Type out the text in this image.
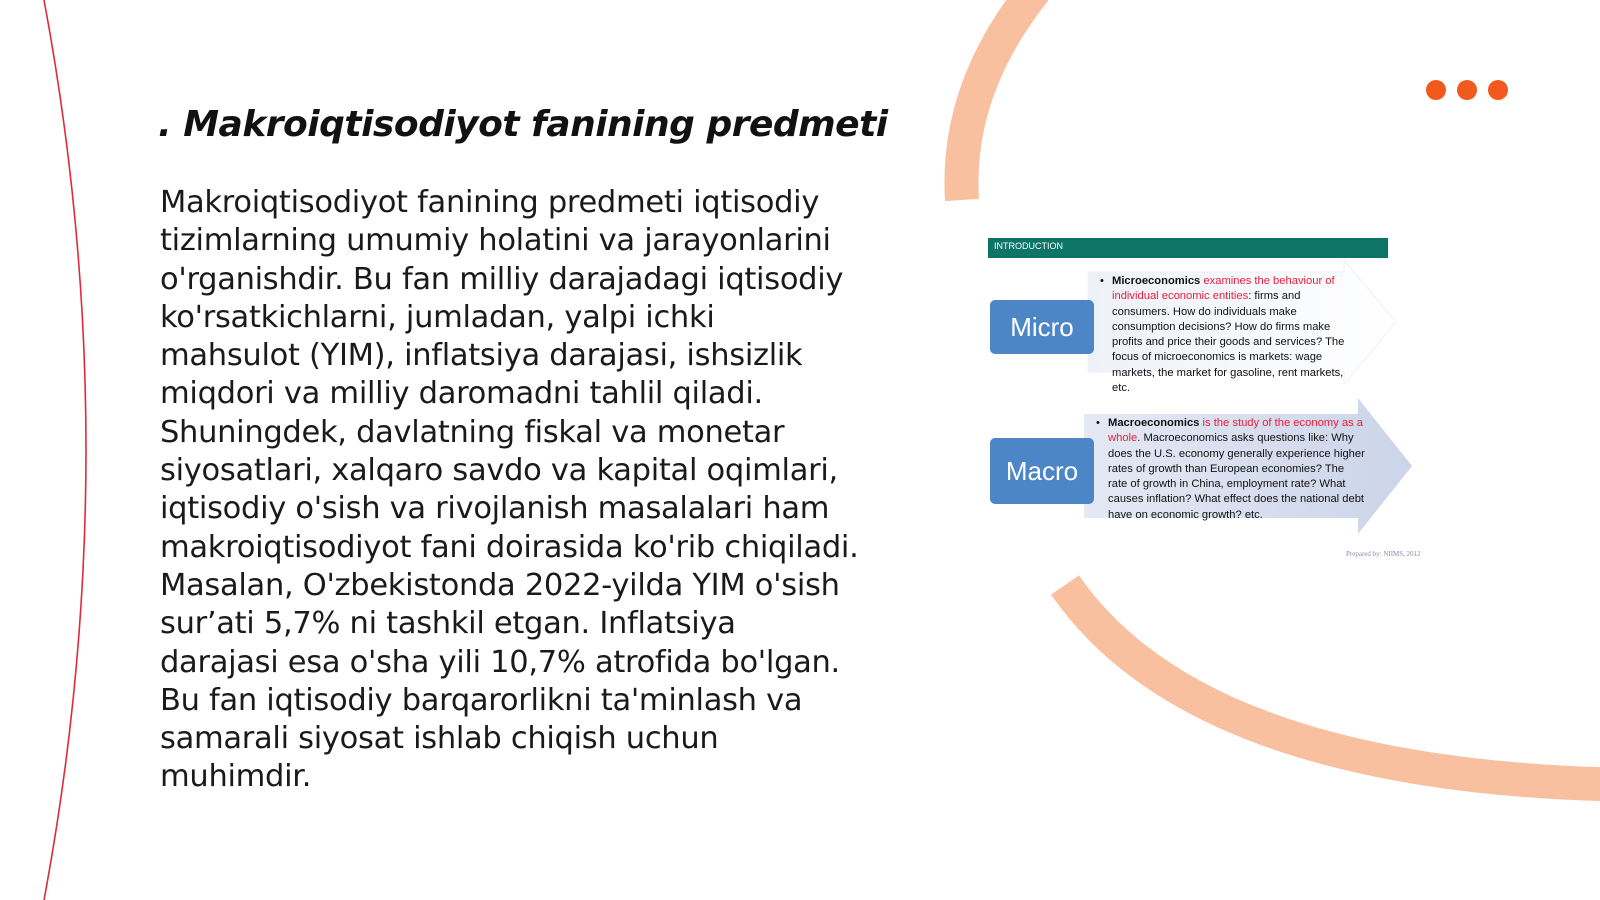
. Makroiqtisodiyot fanining predmeti

Makroiqtisodiyot fanining predmeti iqtisodiy tizimlarning umumiy holatini va jarayonlarini o'rganishdir. Bu fan milliy darajadagi iqtisodiy ko'rsatkichlarni, jumladan, yalpi ichki mahsulot (YIM), inflatsiya darajasi, ishsizlik miqdori va milliy daromadni tahlil qiladi. Shuningdek, davlatning fiskal va monetar siyosatlari, xalqaro savdo va kapital oqimlari, iqtisodiy o'sish va rivojlanish masalalari ham makroiqtisodiyot fani doirasida ko'rib chiqiladi. Masalan, O'zbekistonda 2022-yilda YIM o'sish sur’ati 5,7% ni tashkil etgan. Inflatsiya darajasi esa o'sha yili 10,7% atrofida bo'lgan. Bu fan iqtisodiy barqarorlikni ta'minlash va samarali siyosat ishlab chiqish uchun muhimdir.

INTRODUCTION
Micro
Macro
• Microeconomics examines the behaviour of individual economic entities: firms and consumers. How do individuals make consumption decisions? How do firms make profits and price their goods and services? The focus of microeconomics is markets: wage markets, the market for gasoline, rent markets, etc.
• Macroeconomics is the study of the economy as a whole. Macroeconomics asks questions like: Why does the U.S. economy generally experience higher rates of growth than European economies? The rate of growth in China, employment rate? What causes inflation? What effect does the national debt have on economic growth? etc.
Prepared by: NIIMS, 2012
